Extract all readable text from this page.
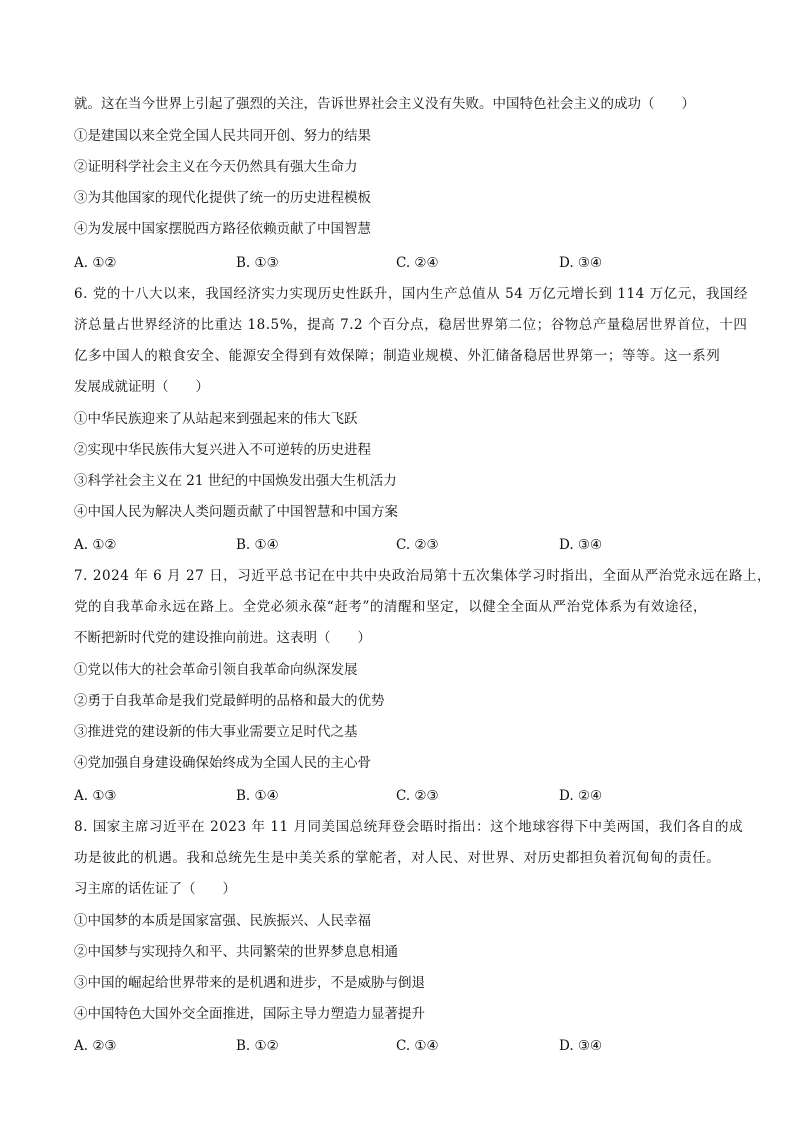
就。这在当今世界上引起了强烈的关注，告诉世界社会主义没有失败。中国特色社会主义的成功（　　）
①是建国以来全党全国人民共同开创、努力的结果
②证明科学社会主义在今天仍然具有强大生命力
③为其他国家的现代化提供了统一的历史进程模板
④为发展中国家摆脱西方路径依赖贡献了中国智慧
A. ①②	B. ①③	C. ②④	D. ③④
6. 党的十八大以来，我国经济实力实现历史性跃升，国内生产总值从 54 万亿元增长到 114 万亿元，我国经
济总量占世界经济的比重达 18.5%，提高 7.2 个百分点，稳居世界第二位；谷物总产量稳居世界首位，十四
亿多中国人的粮食安全、能源安全得到有效保障；制造业规模、外汇储备稳居世界第一；等等。这一系列
发展成就证明（　　）
①中华民族迎来了从站起来到强起来的伟大飞跃
②实现中华民族伟大复兴进入不可逆转的历史进程
③科学社会主义在 21 世纪的中国焕发出强大生机活力
④中国人民为解决人类问题贡献了中国智慧和中国方案
A. ①②	B. ①④	C. ②③	D. ③④
7. 2024 年 6 月 27 日，习近平总书记在中共中央政治局第十五次集体学习时指出，全面从严治党永远在路上，
党的自我革命永远在路上。全党必须永葆“赶考”的清醒和坚定，以健全全面从严治党体系为有效途径，
不断把新时代党的建设推向前进。这表明（　　）
①党以伟大的社会革命引领自我革命向纵深发展
②勇于自我革命是我们党最鲜明的品格和最大的优势
③推进党的建设新的伟大事业需要立足时代之基
④党加强自身建设确保始终成为全国人民的主心骨
A. ①③	B. ①④	C. ②③	D. ②④
8. 国家主席习近平在 2023 年 11 月同美国总统拜登会晤时指出：这个地球容得下中美两国，我们各自的成
功是彼此的机遇。我和总统先生是中美关系的掌舵者，对人民、对世界、对历史都担负着沉甸甸的责任。
习主席的话佐证了（　　）
①中国梦的本质是国家富强、民族振兴、人民幸福
②中国梦与实现持久和平、共同繁荣的世界梦息息相通
③中国的崛起给世界带来的是机遇和进步，不是威胁与倒退
④中国特色大国外交全面推进，国际主导力塑造力显著提升
A. ②③	B. ①②	C. ①④	D. ③④
